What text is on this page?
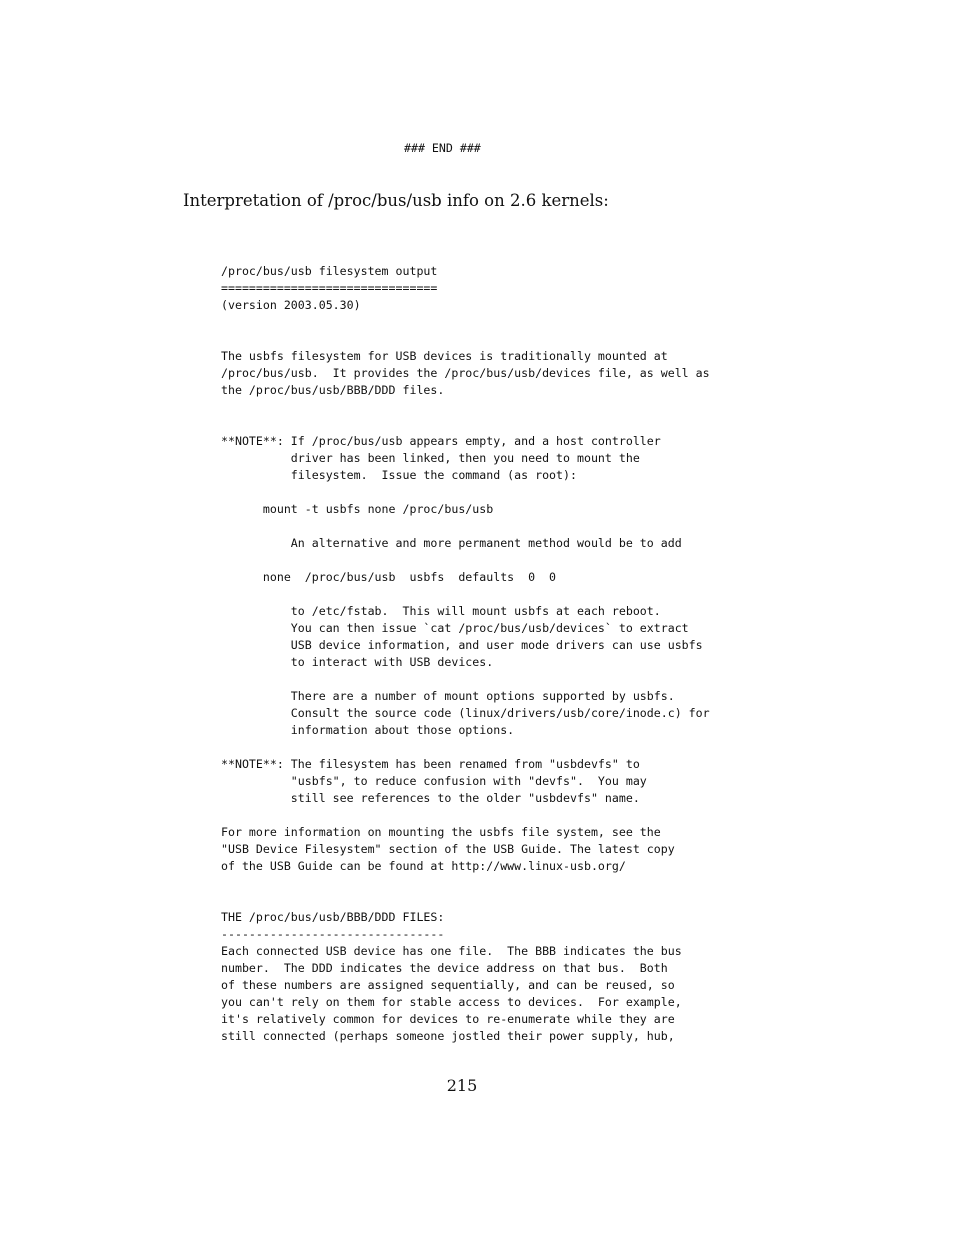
### END ###
Interpretation of /proc/bus/usb info on 2.6 kernels:
/proc/bus/usb filesystem output
===============================
(version 2003.05.30)

The usbfs filesystem for USB devices is traditionally mounted at
/proc/bus/usb.  It provides the /proc/bus/usb/devices file, as well as
the /proc/bus/usb/BBB/DDD files.

**NOTE**: If /proc/bus/usb appears empty, and a host controller
driver has been linked, then you need to mount the
filesystem.  Issue the command (as root):

mount -t usbfs none /proc/bus/usb

An alternative and more permanent method would be to add

none  /proc/bus/usb  usbfs  defaults  0  0

to /etc/fstab.  This will mount usbfs at each reboot.
You can then issue `cat /proc/bus/usb/devices` to extract
USB device information, and user mode drivers can use usbfs
to interact with USB devices.

There are a number of mount options supported by usbfs.
Consult the source code (linux/drivers/usb/core/inode.c) for
information about those options.

**NOTE**: The filesystem has been renamed from "usbdevfs" to
"usbfs", to reduce confusion with "devfs".  You may
still see references to the older "usbdevfs" name.

For more information on mounting the usbfs file system, see the
"USB Device Filesystem" section of the USB Guide. The latest copy
of the USB Guide can be found at http://www.linux-usb.org/

THE /proc/bus/usb/BBB/DDD FILES:
--------------------------------
Each connected USB device has one file.  The BBB indicates the bus
number.  The DDD indicates the device address on that bus.  Both
of these numbers are assigned sequentially, and can be reused, so
you can't rely on them for stable access to devices.  For example,
it's relatively common for devices to re-enumerate while they are
still connected (perhaps someone jostled their power supply, hub,
215
